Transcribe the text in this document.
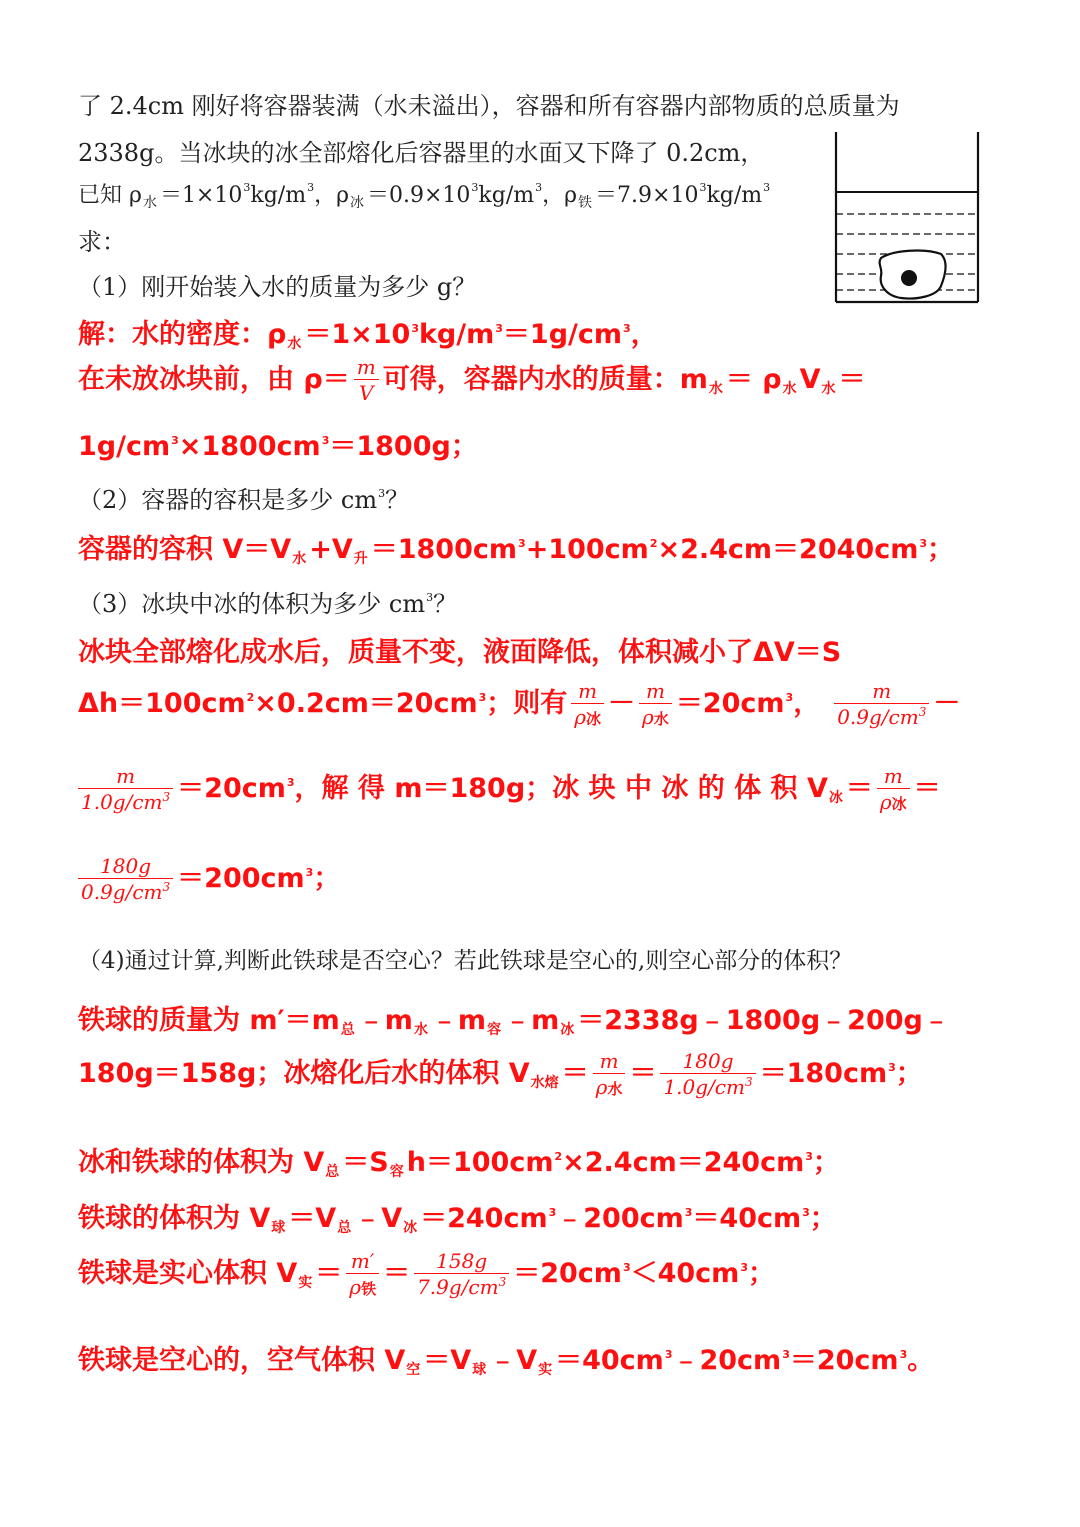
了 2.4cm 刚好将容器装满（水未溢出），容器和所有容器内部物质的总质量为
2338g。当冰块的冰全部熔化后容器里的水面又下降了 0.2cm，
已知 $\rho_水 =1\times 10^3kg/m^3$，$\rho_冰 =0.9\times 10^3kg/m^3$，$\rho_铁 =7.9\times 10^3kg/m^3$
求：
（1）刚开始装入水的质量为多少 g？
解：水的密度：$\rho_水 =1\times 10^3kg/m^3=1g/cm^3$，
在未放冰块前，由 $\rho= \frac{m}{V}$ 可得，容器内水的质量：$m_水 = \rho_水$ $V_水$ ＝
$1g/cm^3\times 1800cm^3=1800g$；
（2）容器的容积是多少 $cm^3$？
容器的容积 $V=V_水 +V_升 =1800cm^3+100cm^2\times 2.4cm=2040cm^3$；
（3）冰块中冰的体积为多少 $cm^3$？
冰块全部熔化成水后，质量不变，液面降低，体积减小了ΔV＝S
$\Delta h=100cm^2\times 0.2cm=20cm^3$；则有 $\frac{m}{\text{ρ冰}} - \frac{m}{\text{ρ水}} =20cm^3$， $\frac{m}{0.9g/cm^3}$ －
$\frac{m}{1.0g/cm^3} =20cm^3$，解 得 m＝180g；冰 块 中 冰 的 体 积 $V_冰 = \frac{m}{\text{ρ冰}}$ ＝
$\frac{180g}{0.9g/cm^3} =200cm^3$；
（4)通过计算,判断此铁球是否空心？若此铁球是空心的,则空心部分的体积？
铁球的质量为 $m'=m_总$ $﹣m_水$ $﹣m_容$ $﹣m_冰$ ＝2338g﹣1800g﹣200g﹣
180g＝158g；冰熔化后水的体积 $V_{水熔} = \frac{m}{\text{ρ水}} = \frac{180g}{1.0g/cm^3} =180cm^3$；
冰和铁球的体积为 $V_总 =S_容$ $h=100cm^2\times 2.4cm=240cm^3$；
铁球的体积为 $V_球 =V_总$ $﹣V_冰$ $=240cm^3﹣200cm^3=40cm^3$；
铁球是实心体积 $V_实 = \frac{m'}{\text{ρ铁}} = \frac{158g}{7.9g/cm^3} =20cm^3<40cm^3$；
铁球是空心的，空气体积 $V_空 =V_球$ $﹣V_实$ $=40cm^3﹣20cm^3=20cm^3$。
